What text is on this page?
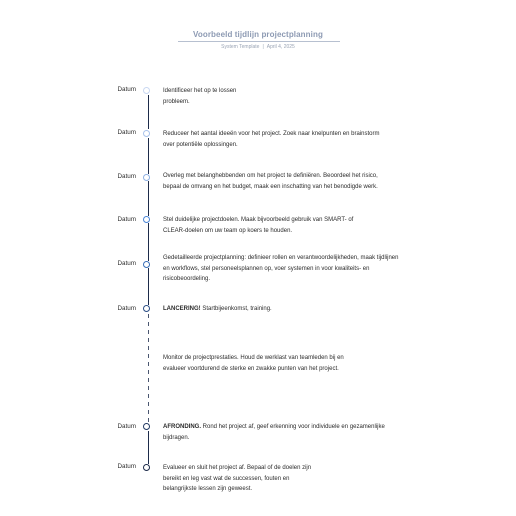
Voorbeeld tijdlijn projectplanning
System Template | April 4, 2025
Datum
Datum
Datum
Datum
Datum
Datum
Datum
Datum
Identificeer het op te lossen probleem.
Reduceer het aantal ideeën voor het project. Zoek naar knelpunten en brainstorm over potentiële oplossingen.
Overleg met belanghebbenden om het project te definiëren. Beoordeel het risico, bepaal de omvang en het budget, maak een inschatting van het benodigde werk.
Stel duidelijke projectdoelen. Maak bijvoorbeeld gebruik van SMART- of CLEAR-doelen om uw team op koers te houden.
Gedetailleerde projectplanning: definieer rollen en verantwoordelijkheden, maak tijdlijnen en workflows, stel personeelsplannen op, voer systemen in voor kwaliteits- en risicobeoordeling.
LANCERING! Startbijeenkomst, training.
Monitor de projectprestaties. Houd de werklast van teamleden bij en evalueer voortdurend de sterke en zwakke punten van het project.
AFRONDING. Rond het project af, geef erkenning voor individuele en gezamenlijke bijdragen.
Evalueer en sluit het project af. Bepaal of de doelen zijn bereikt en leg vast wat de successen, fouten en belangrijkste lessen zijn geweest.
